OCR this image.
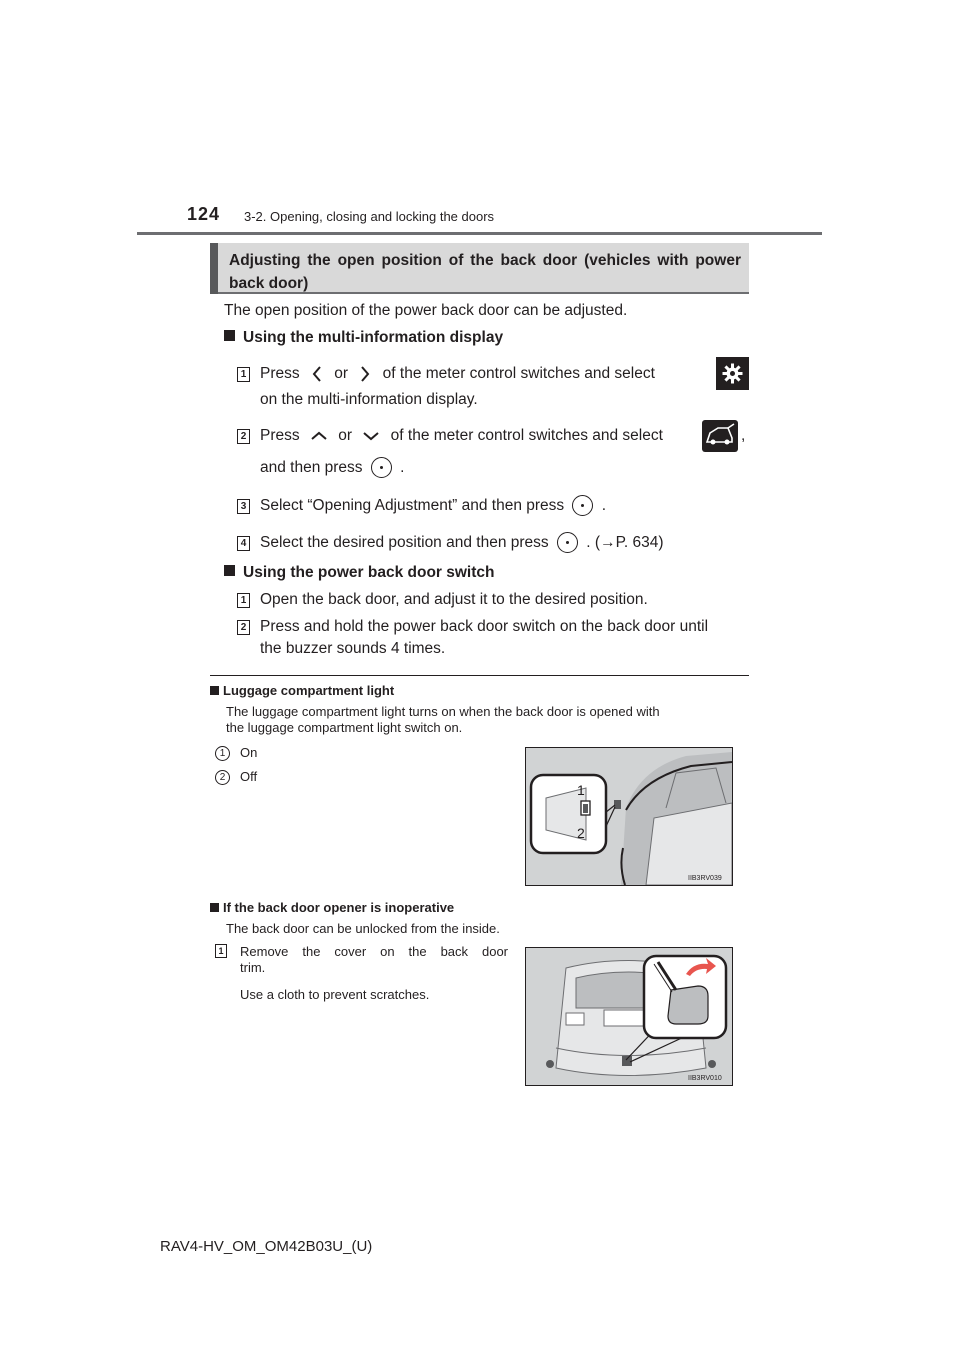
124 3-2. Opening, closing and locking the doors
Adjusting the open position of the back door (vehicles with power back door)
The open position of the power back door can be adjusted.
Using the multi-information display
1 Press or of the meter control switches and select
on the multi-information display.
2 Press or of the meter control switches and select	,
and then press .
3 Select “Opening Adjustment” and then press .
4 Select the desired position and then press . (→P. 634)
Using the power back door switch
1 Open the back door, and adjust it to the desired position.
2 Press and hold the power back door switch on the back door until
the buzzer sounds 4 times.
Luggage compartment light
The luggage compartment light turns on when the back door is opened with
the luggage compartment light switch on.
1	On
2	Off
1
2
IIB3RV039
If the back door opener is inoperative
The back door can be unlocked from the inside.
1 Remove the cover on the back door
trim.
Use a cloth to prevent scratches.
IIB3RV010
RAV4-HV_OM_OM42B03U_(U)
